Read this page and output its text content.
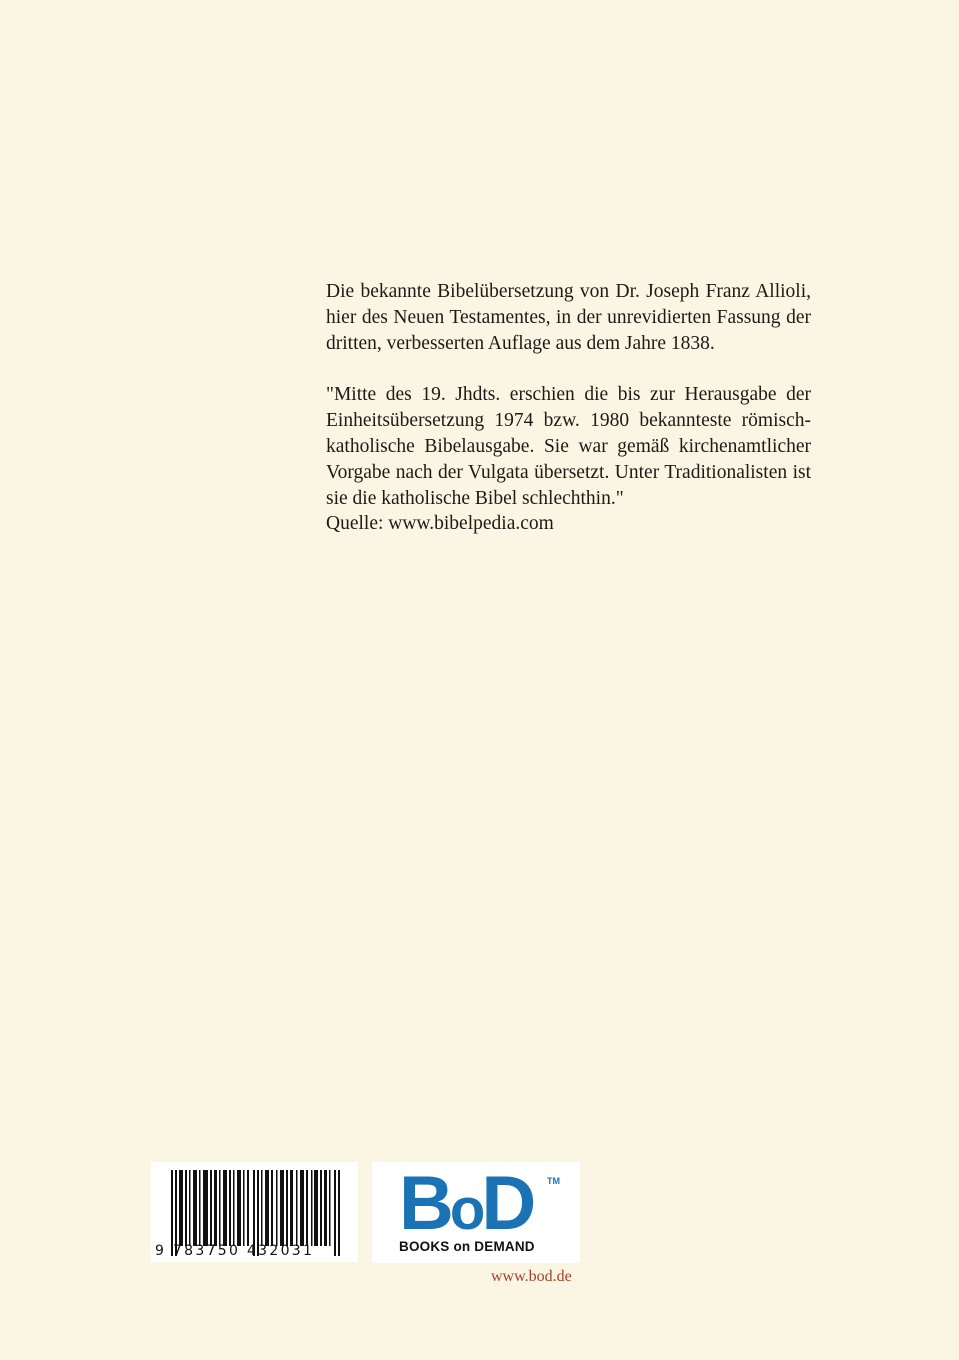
Die bekannte Bibelübersetzung von Dr. Joseph Franz Allioli, hier des Neuen Testamentes, in der unrevidierten Fassung der dritten, verbesserten Auflage aus dem Jahre 1838.

"Mitte des 19. Jhdts. erschien die bis zur Herausgabe der Einheitsübersetzung 1974 bzw. 1980 bekannteste römisch-katholische Bibelausgabe. Sie war gemäß kirchenamtlicher Vorgabe nach der Vulgata übersetzt. Unter Traditionalisten ist sie die katholische Bibel schlechthin."

Quelle: www.bibelpedia.com

9 783750 432031
BoD TM
BOOKS on DEMAND
www.bod.de
